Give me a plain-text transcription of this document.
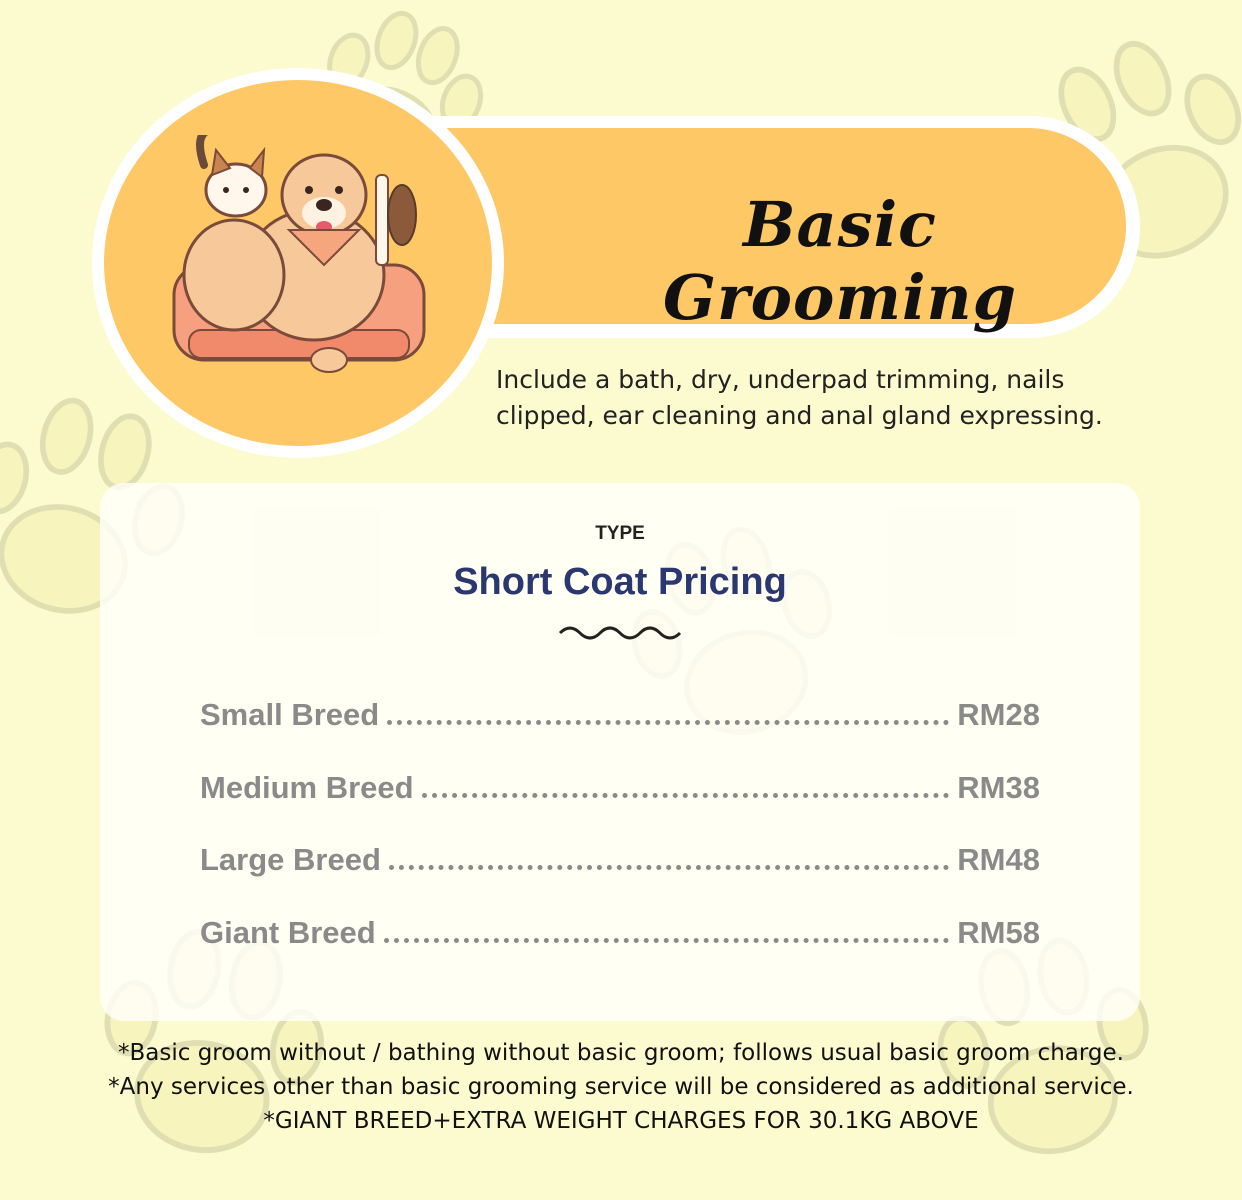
Basic Grooming
Include a bath, dry, underpad trimming, nails clipped, ear cleaning and anal gland expressing.
TYPE
Short Coat Pricing
Small Breed	RM28
Medium Breed	RM38
Large Breed	RM48
Giant Breed	RM58
*Basic groom without / bathing without basic groom; follows usual basic groom charge.
*Any services other than basic grooming service will be considered as additional service.
*GIANT BREED+EXTRA WEIGHT CHARGES FOR 30.1KG ABOVE
